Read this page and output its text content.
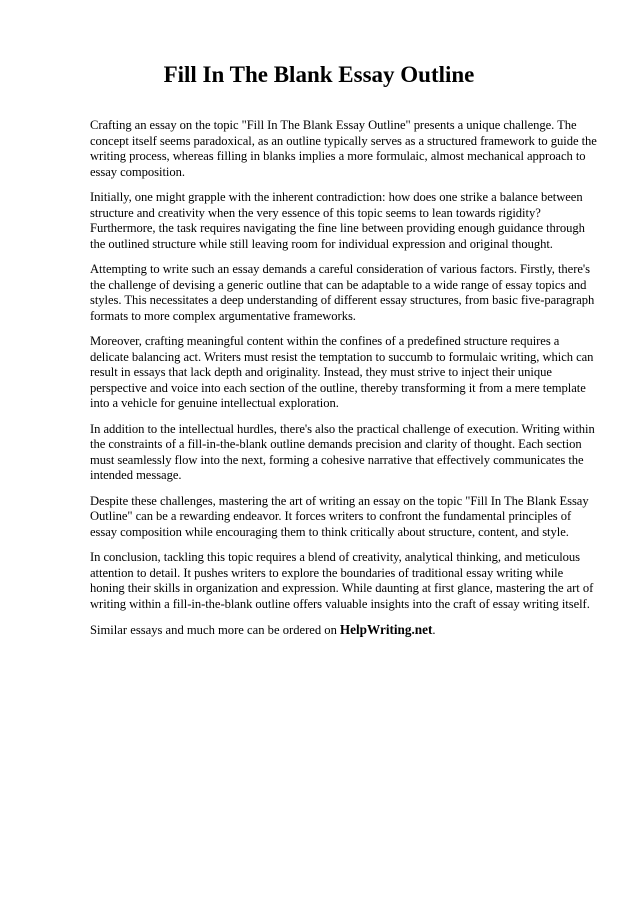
Fill In The Blank Essay Outline

Crafting an essay on the topic "Fill In The Blank Essay Outline" presents a unique challenge. The concept itself seems paradoxical, as an outline typically serves as a structured framework to guide the writing process, whereas filling in blanks implies a more formulaic, almost mechanical approach to essay composition.

Initially, one might grapple with the inherent contradiction: how does one strike a balance between structure and creativity when the very essence of this topic seems to lean towards rigidity? Furthermore, the task requires navigating the fine line between providing enough guidance through the outlined structure while still leaving room for individual expression and original thought.

Attempting to write such an essay demands a careful consideration of various factors. Firstly, there's the challenge of devising a generic outline that can be adaptable to a wide range of essay topics and styles. This necessitates a deep understanding of different essay structures, from basic five-paragraph formats to more complex argumentative frameworks.

Moreover, crafting meaningful content within the confines of a predefined structure requires a delicate balancing act. Writers must resist the temptation to succumb to formulaic writing, which can result in essays that lack depth and originality. Instead, they must strive to inject their unique perspective and voice into each section of the outline, thereby transforming it from a mere template into a vehicle for genuine intellectual exploration.

In addition to the intellectual hurdles, there's also the practical challenge of execution. Writing within the constraints of a fill-in-the-blank outline demands precision and clarity of thought. Each section must seamlessly flow into the next, forming a cohesive narrative that effectively communicates the intended message.

Despite these challenges, mastering the art of writing an essay on the topic "Fill In The Blank Essay Outline" can be a rewarding endeavor. It forces writers to confront the fundamental principles of essay composition while encouraging them to think critically about structure, content, and style.

In conclusion, tackling this topic requires a blend of creativity, analytical thinking, and meticulous attention to detail. It pushes writers to explore the boundaries of traditional essay writing while honing their skills in organization and expression. While daunting at first glance, mastering the art of writing within a fill-in-the-blank outline offers valuable insights into the craft of essay writing itself.

Similar essays and much more can be ordered on HelpWriting.net.
